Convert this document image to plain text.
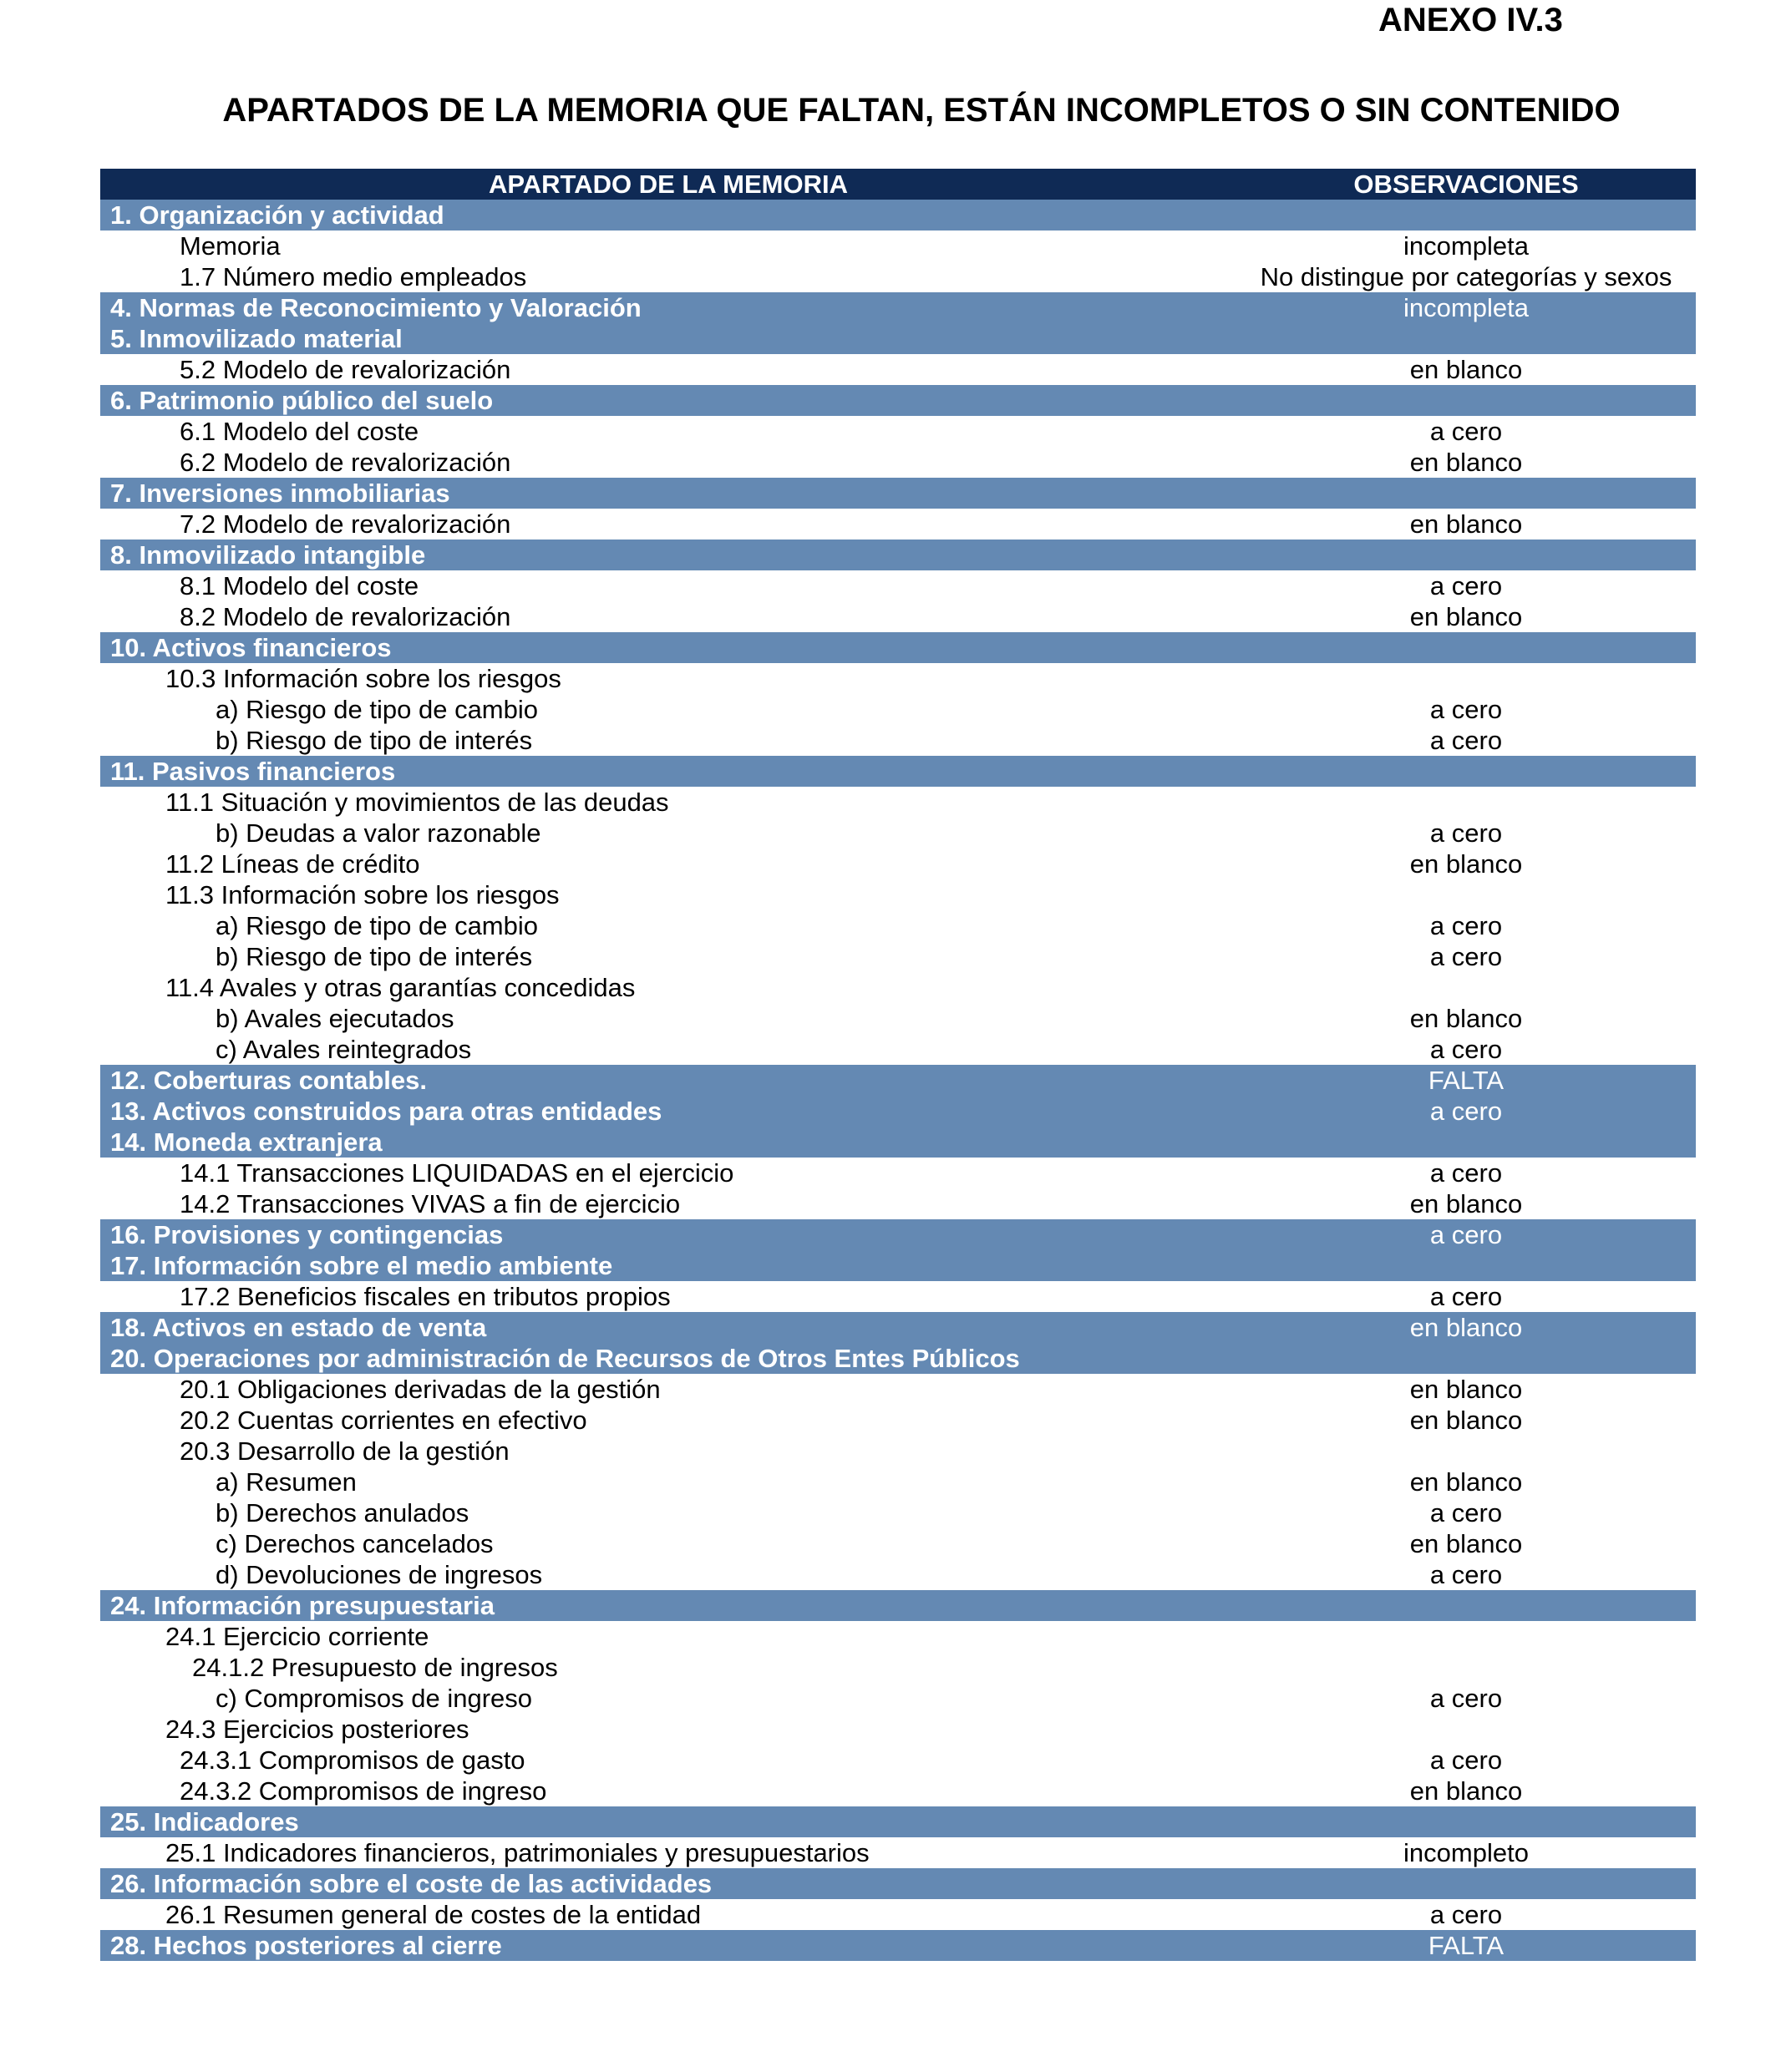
ANEXO IV.3
APARTADOS DE LA MEMORIA QUE FALTAN, ESTÁN INCOMPLETOS O SIN CONTENIDO
APARTADO DE LA MEMORIA	OBSERVACIONES
1. Organización y actividad
Memoria	incompleta
1.7 Número medio empleados	No distingue por categorías y sexos
4. Normas de Reconocimiento y Valoración	incompleta
5. Inmovilizado material
5.2 Modelo de revalorización	en blanco
6. Patrimonio público del suelo
6.1 Modelo del coste	a cero
6.2 Modelo de revalorización	en blanco
7. Inversiones inmobiliarias
7.2 Modelo de revalorización	en blanco
8. Inmovilizado intangible
8.1 Modelo del coste	a cero
8.2 Modelo de revalorización	en blanco
10. Activos financieros
10.3 Información sobre los riesgos
a) Riesgo de tipo de cambio	a cero
b) Riesgo de tipo de interés	a cero
11. Pasivos financieros
11.1 Situación y movimientos de las deudas
b) Deudas a valor razonable	a cero
11.2 Líneas de crédito	en blanco
11.3 Información sobre los riesgos
a) Riesgo de tipo de cambio	a cero
b) Riesgo de tipo de interés	a cero
11.4 Avales y otras garantías concedidas
b) Avales ejecutados	en blanco
c) Avales reintegrados	a cero
12. Coberturas contables.	FALTA
13. Activos construidos para otras entidades	a cero
14. Moneda extranjera
14.1 Transacciones LIQUIDADAS en el ejercicio	a cero
14.2 Transacciones VIVAS a fin de ejercicio	en blanco
16. Provisiones y contingencias	a cero
17. Información sobre el medio ambiente
17.2 Beneficios fiscales en tributos propios	a cero
18. Activos en estado de venta	en blanco
20. Operaciones por administración de Recursos de Otros Entes Públicos
20.1 Obligaciones derivadas de la gestión	en blanco
20.2 Cuentas corrientes en efectivo	en blanco
20.3 Desarrollo de la gestión
a) Resumen	en blanco
b) Derechos anulados	a cero
c) Derechos cancelados	en blanco
d) Devoluciones de ingresos	a cero
24. Información presupuestaria
24.1 Ejercicio corriente
24.1.2 Presupuesto de ingresos
c) Compromisos de ingreso	a cero
24.3 Ejercicios posteriores
24.3.1 Compromisos de gasto	a cero
24.3.2 Compromisos de ingreso	en blanco
25. Indicadores
25.1 Indicadores financieros, patrimoniales y presupuestarios	incompleto
26. Información sobre el coste de las actividades
26.1 Resumen general de costes de la entidad	a cero
28. Hechos posteriores al cierre	FALTA
